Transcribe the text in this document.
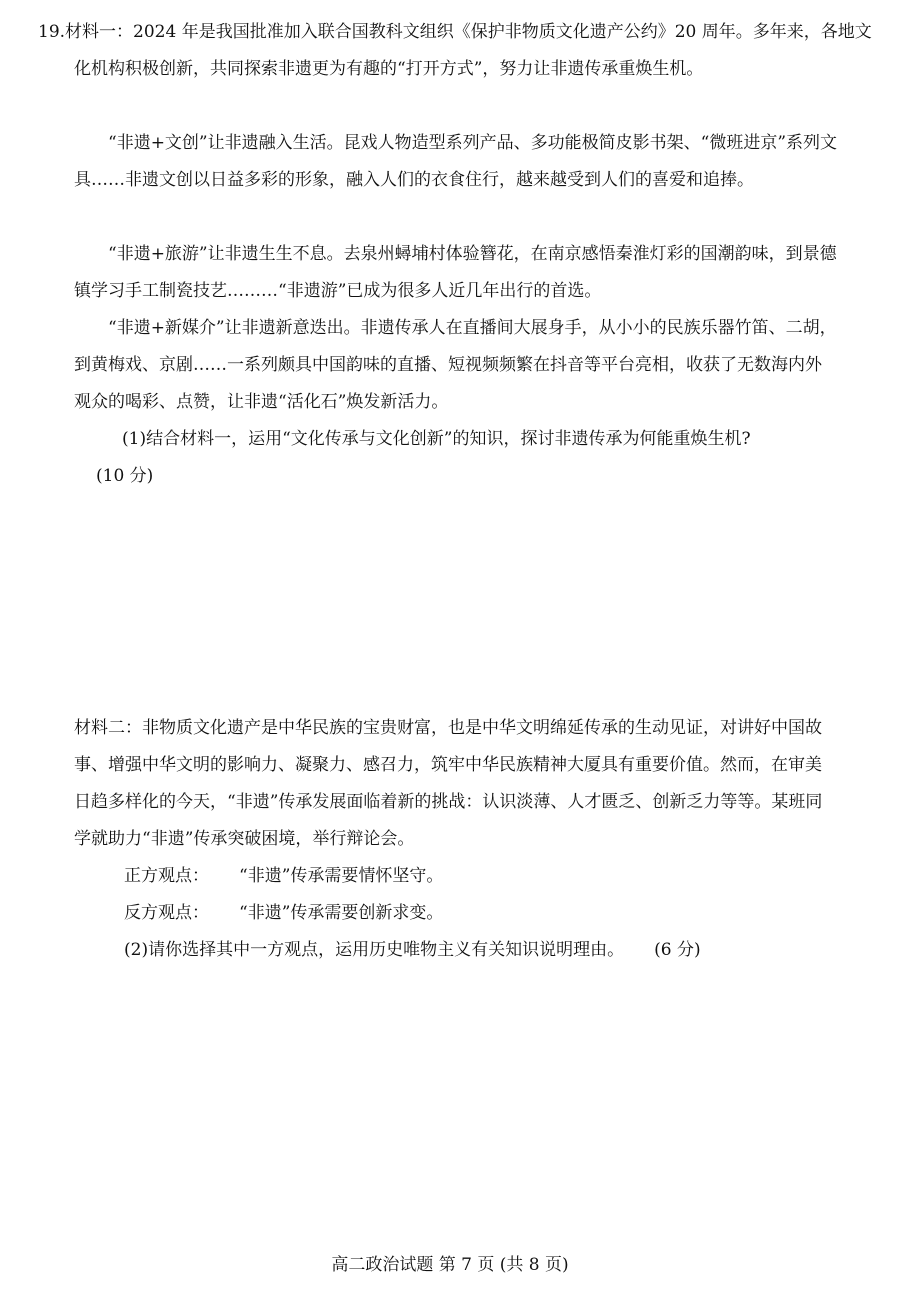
19.材料一：2024 年是我国批准加入联合国教科文组织《保护非物质文化遗产公约》20 周年。多年来，各地文化机构积极创新，共同探索非遗更为有趣的“打开方式”，努力让非遗传承重焕生机。

“非遗+文创”让非遗融入生活。昆戏人物造型系列产品、多功能极简皮影书架、“微班进京”系列文具……非遗文创以日益多彩的形象，融入人们的衣食住行，越来越受到人们的喜爱和追捧。

“非遗+旅游”让非遗生生不息。去泉州蟳埔村体验簪花，在南京感悟秦淮灯彩的国潮韵味，到景德镇学习手工制瓷技艺………“非遗游”已成为很多人近几年出行的首选。

“非遗+新媒介”让非遗新意迭出。非遗传承人在直播间大展身手，从小小的民族乐器竹笛、二胡，到黄梅戏、京剧……一系列颇具中国韵味的直播、短视频频繁在抖音等平台亮相，收获了无数海内外观众的喝彩、点赞，让非遗“活化石”焕发新活力。

(1)结合材料一，运用“文化传承与文化创新”的知识，探讨非遗传承为何能重焕生机?

(10 分)

材料二：非物质文化遗产是中华民族的宝贵财富，也是中华文明绵延传承的生动见证，对讲好中国故事、增强中华文明的影响力、凝聚力、感召力，筑牢中华民族精神大厦具有重要价值。然而，在审美日趋多样化的今天，“非遗”传承发展面临着新的挑战：认识淡薄、人才匮乏、创新乏力等等。某班同学就助力“非遗”传承突破困境，举行辩论会。

正方观点： “非遗”传承需要情怀坚守。

反方观点： “非遗”传承需要创新求变。

(2)请你选择其中一方观点，运用历史唯物主义有关知识说明理由。 (6 分)

高二政治试题 第 7 页 (共 8 页)
